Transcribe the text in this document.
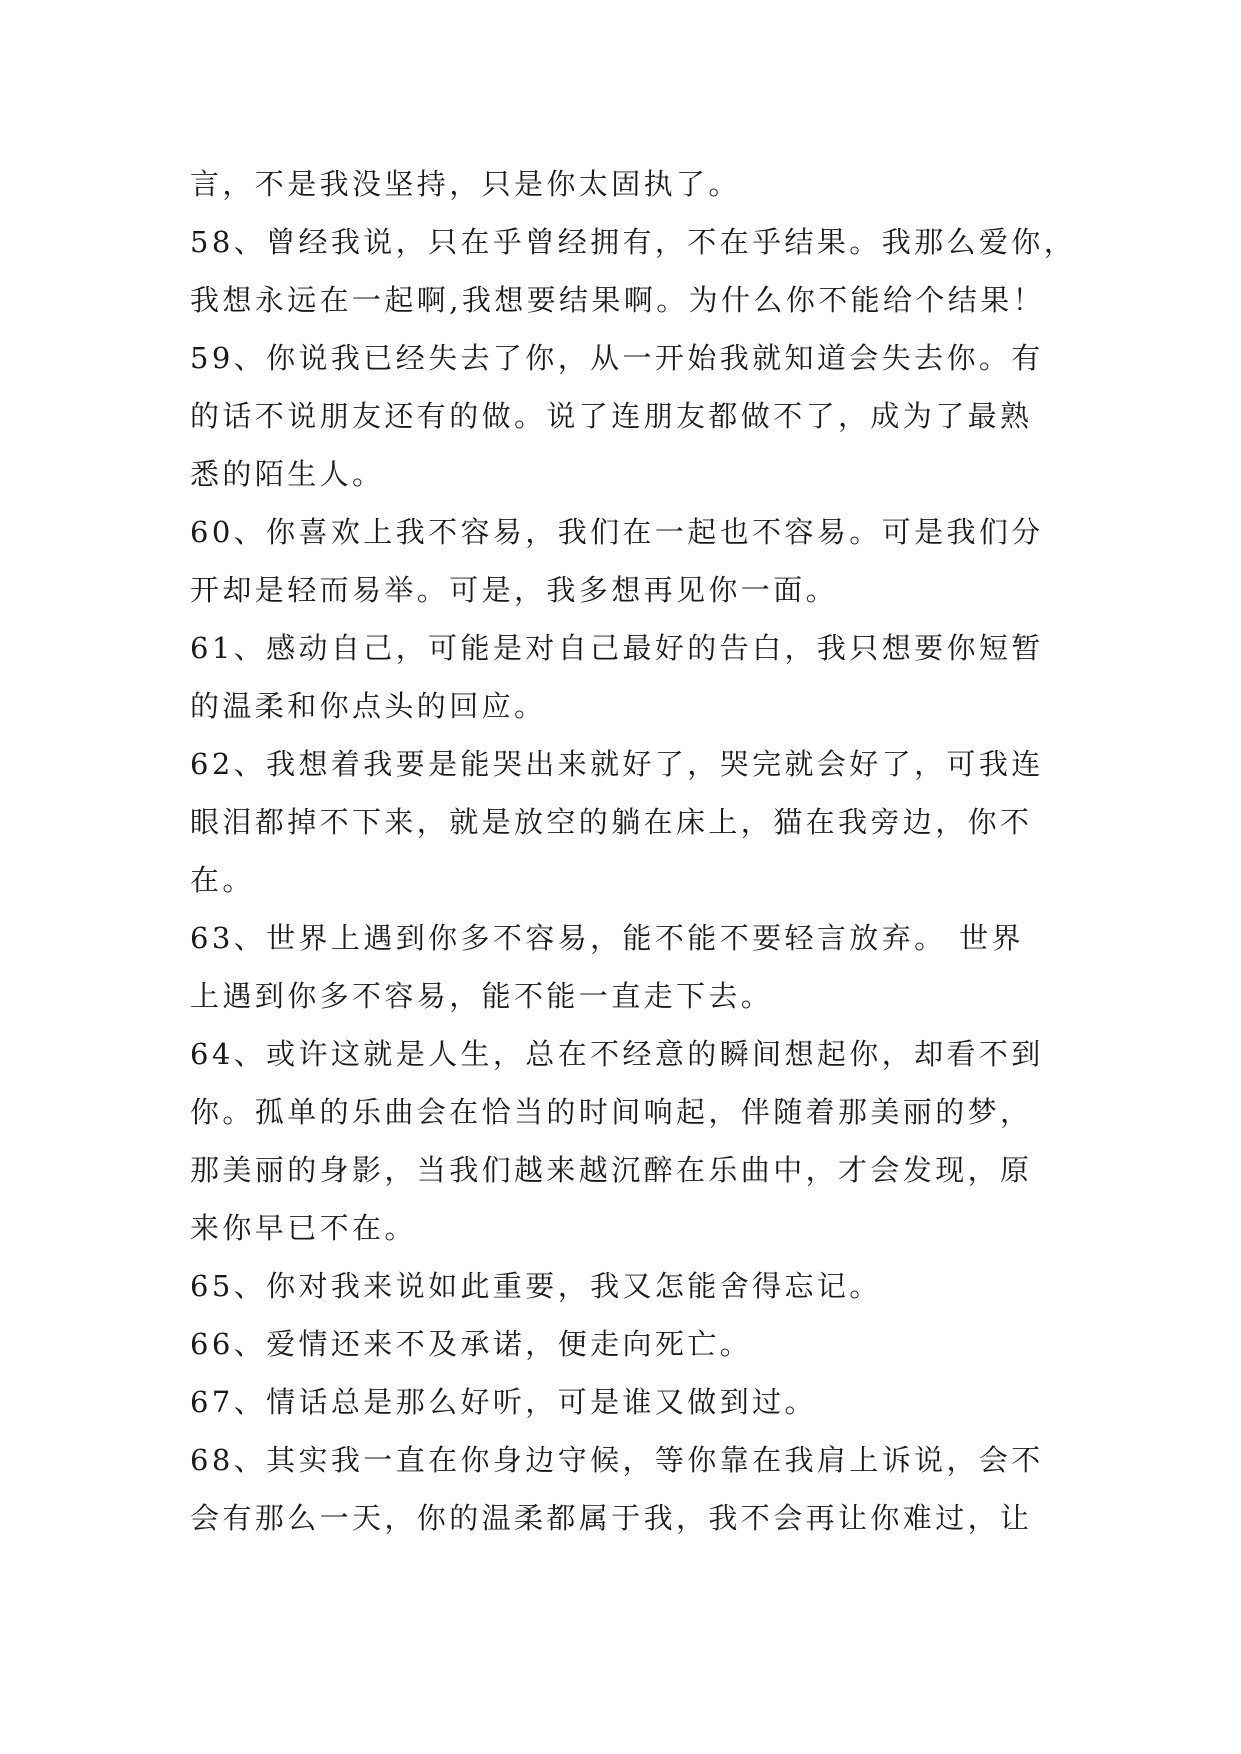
言，不是我没坚持，只是你太固执了。
58、曾经我说，只在乎曾经拥有，不在乎结果。我那么爱你，
我想永远在一起啊,我想要结果啊。为什么你不能给个结果！
59、你说我已经失去了你，从一开始我就知道会失去你。有
的话不说朋友还有的做。说了连朋友都做不了，成为了最熟
悉的陌生人。
60、你喜欢上我不容易，我们在一起也不容易。可是我们分
开却是轻而易举。可是，我多想再见你一面。
61、感动自己，可能是对自己最好的告白，我只想要你短暂
的温柔和你点头的回应。
62、我想着我要是能哭出来就好了，哭完就会好了，可我连
眼泪都掉不下来，就是放空的躺在床上，猫在我旁边，你不
在。
63、世界上遇到你多不容易，能不能不要轻言放弃。 世界
上遇到你多不容易，能不能一直走下去。
64、或许这就是人生，总在不经意的瞬间想起你，却看不到
你。孤单的乐曲会在恰当的时间响起，伴随着那美丽的梦，
那美丽的身影，当我们越来越沉醉在乐曲中，才会发现，原
来你早已不在。
65、你对我来说如此重要，我又怎能舍得忘记。
66、爱情还来不及承诺，便走向死亡。
67、情话总是那么好听，可是谁又做到过。
68、其实我一直在你身边守候，等你靠在我肩上诉说，会不
会有那么一天，你的温柔都属于我，我不会再让你难过，让
